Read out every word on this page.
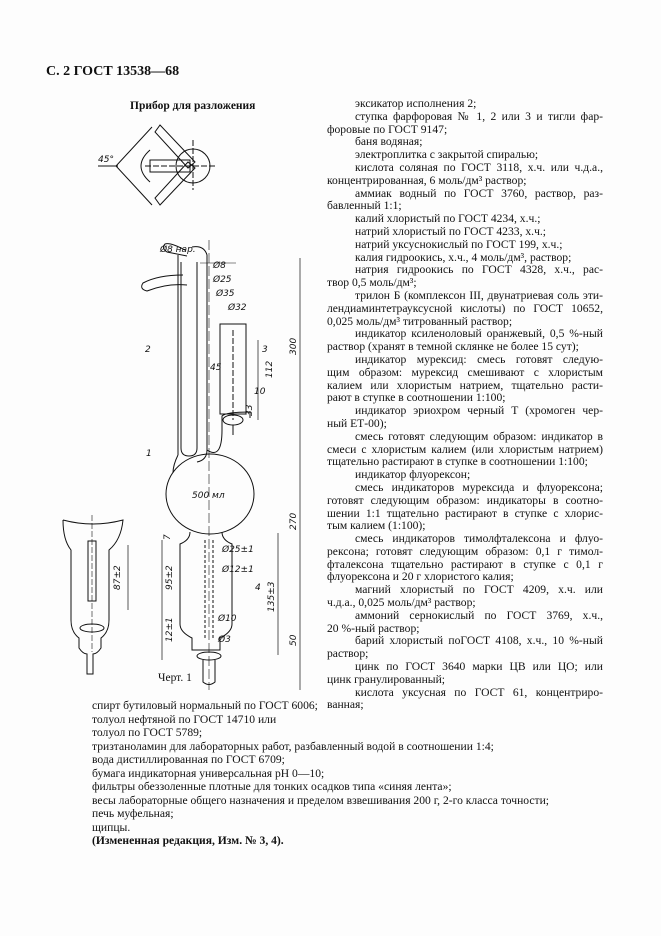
С. 2 ГОСТ 13538—68
Прибор для разложения
45°
Ø8 нар.
Ø8
Ø25
Ø35
Ø32
2	3
45
10
112
33
300
1
500 мл
270
Ø25±1
Ø12±1
4 135±3
7
95±2
Ø10
Ø3
12±1	50
87±2
Черт. 1
эксикатор исполнения 2;
ступка фарфоровая № 1, 2 или 3 и тигли фар-
форовые по ГОСТ 9147;
баня водяная;
электроплитка с закрытой спиралью;
кислота соляная по ГОСТ 3118, х.ч. или ч.д.а.,
концентрированная, 6 моль/дм³ раствор;
аммиак водный по ГОСТ 3760, раствор, раз-
бавленный 1:1;
калий хлористый по ГОСТ 4234, х.ч.;
натрий хлористый по ГОСТ 4233, х.ч.;
натрий уксуснокислый по ГОСТ 199, х.ч.;
калия гидроокись, х.ч., 4 моль/дм³, раствор;
натрия гидроокись по ГОСТ 4328, х.ч., рас-
твор 0,5 моль/дм³;
трилон Б (комплексон III, двунатриевая соль эти-
лендиаминтетрауксусной кислоты) по ГОСТ 10652,
0,025 моль/дм³ титрованный раствор;
индикатор ксиленоловый оранжевый, 0,5 %-ный
раствор (хранят в темной склянке не более 15 сут);
индикатор мурексид: смесь готовят следую-
щим образом: мурексид смешивают с хлористым
калием или хлористым натрием, тщательно расти-
рают в ступке в соотношении 1:100;
индикатор эриохром черный Т (хромоген чер-
ный ЕТ-00);
смесь готовят следующим образом: индикатор в
смеси с хлористым калием (или хлористым натрием)
тщательно растирают в ступке в соотношении 1:100;
индикатор флуорексон;
смесь индикаторов мурексида и флуорексона;
готовят следующим образом: индикаторы в соотно-
шении 1:1 тщательно растирают в ступке с хлорис-
тым калием (1:100);
смесь индикаторов тимолфталексона и флуо-
рексона; готовят следующим образом: 0,1 г тимол-
фталексона тщательно растирают в ступке с 0,1 г
флуорексона и 20 г хлористого калия;
магний хлористый по ГОСТ 4209, х.ч. или
ч.д.а., 0,025 моль/дм³ раствор;
аммоний сернокислый по ГОСТ 3769, х.ч.,
20 %-ный раствор;
барий хлористый поГОСТ 4108, х.ч., 10 %-ный
раствор;
цинк по ГОСТ 3640 марки ЦВ или ЦО; или
цинк гранулированный;
кислота уксусная по ГОСТ 61, концентриро-
ванная;
спирт бутиловый нормальный по ГОСТ 6006;
толуол нефтяной по ГОСТ 14710 или
толуол по ГОСТ 5789;
тризтаноламин для лабораторных работ, разбавленный водой в соотношении 1:4;
вода дистиллированная по ГОСТ 6709;
бумага индикаторная универсальная рН 0—10;
фильтры обеззоленные плотные для тонких осадков типа «синяя лента»;
весы лабораторные общего назначения и пределом взвешивания 200 г, 2-го класса точности;
печь муфельная;
щипцы.
(Измененная редакция, Изм. № 3, 4).
